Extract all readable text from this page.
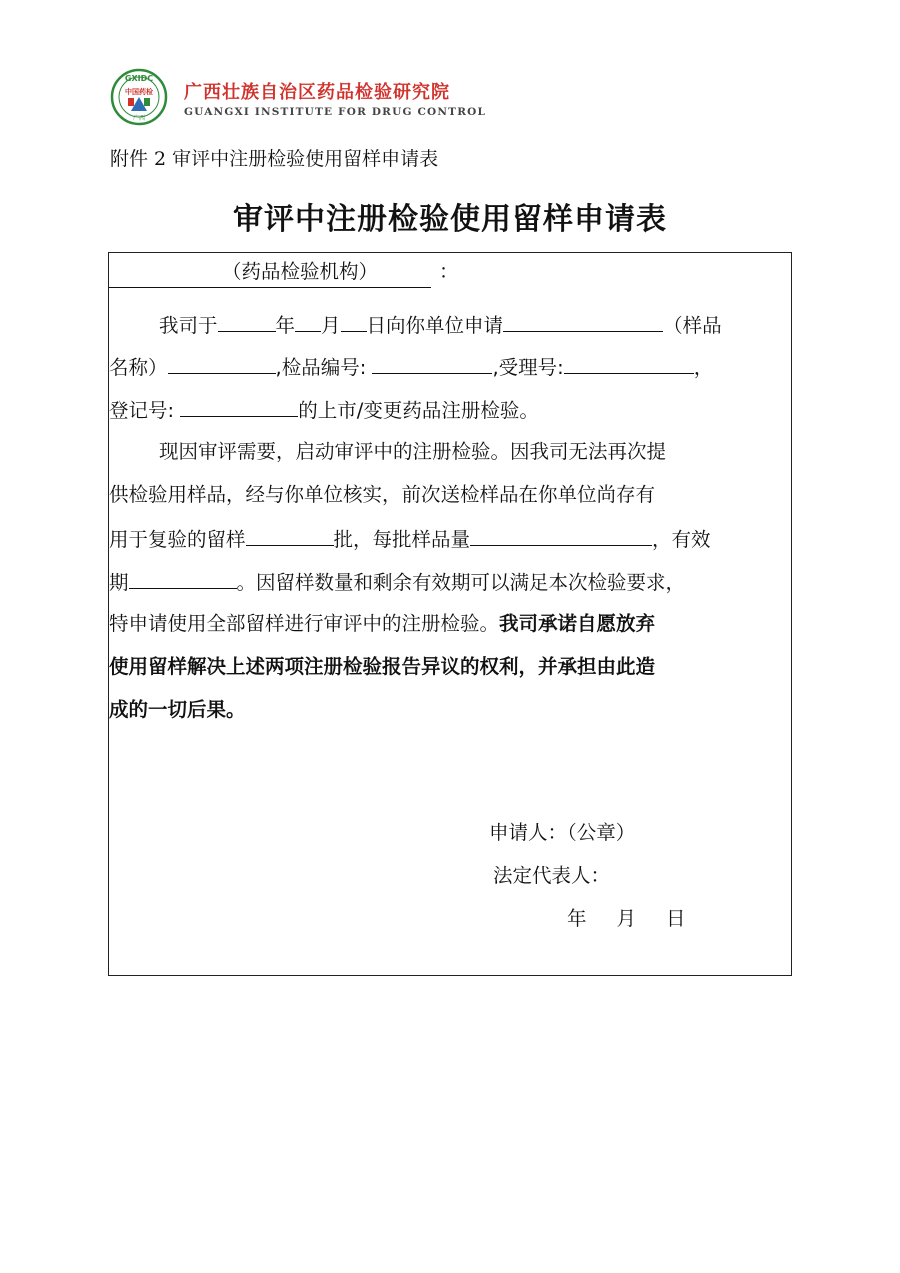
GXIDC
中国药检
广西
广西壮族自治区药品检验研究院
GUANGXI INSTITUTE FOR DRUG CONTROL
附件 2 审评中注册检验使用留样申请表
审评中注册检验使用留样申请表
（药品检验机构）	：
我司于	年 月 日向你单位申请	（样品
名称）	,检品编号:	,受理号:	，
登记号:	的上市/变更药品注册检验。
现因审评需要，启动审评中的注册检验。因我司无法再次提
供检验用样品，经与你单位核实，前次送检样品在你单位尚存有
用于复验的留样	批，每批样品量	，有效
期	。因留样数量和剩余有效期可以满足本次检验要求，
特申请使用全部留样进行审评中的注册检验。我司承诺自愿放弃
使用留样解决上述两项注册检验报告异议的权利，并承担由此造
成的一切后果。
申请人：（公章）
法定代表人：
年 月 日
